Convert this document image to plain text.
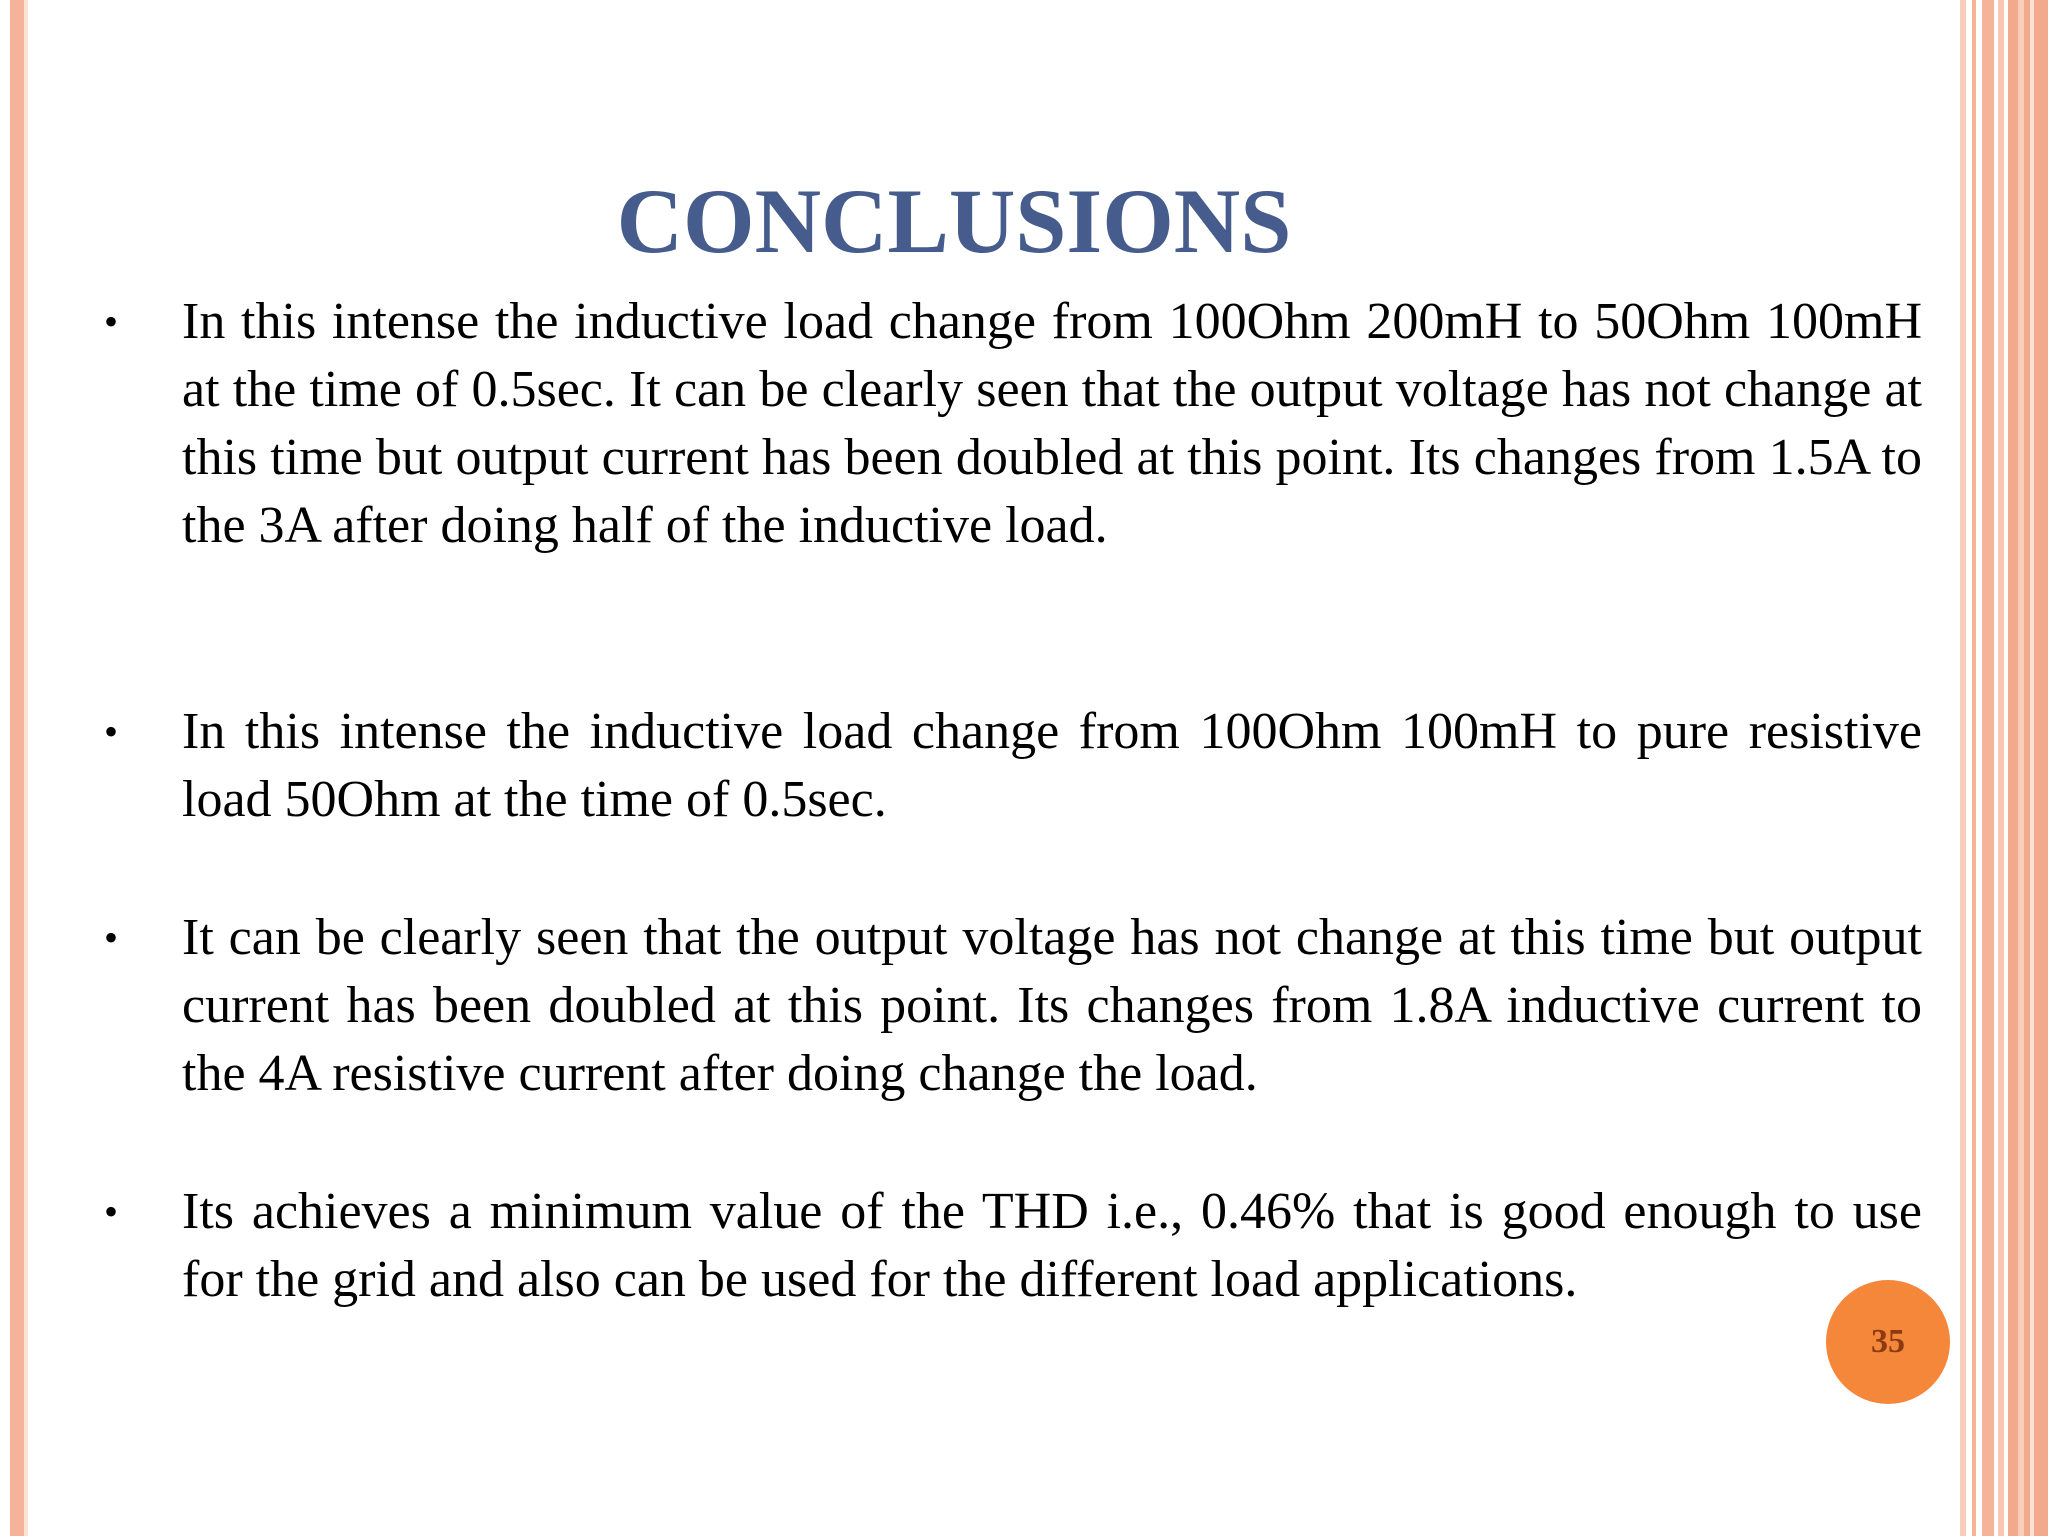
CONCLUSIONS
• In this intense the inductive load change from 100Ohm 200mH to 50Ohm 100mH at the time of 0.5sec. It can be clearly seen that the output voltage has not change at this time but output current has been doubled at this point. Its changes from 1.5A to the 3A after doing half of the inductive load.

• In this intense the inductive load change from 100Ohm 100mH to pure resistive load 50Ohm at the time of 0.5sec.

• It can be clearly seen that the output voltage has not change at this time but output current has been doubled at this point. Its changes from 1.8A inductive current to the 4A resistive current after doing change the load.

• Its achieves a minimum value of the THD i.e., 0.46% that is good enough to use for the grid and also can be used for the different load applications.

35
